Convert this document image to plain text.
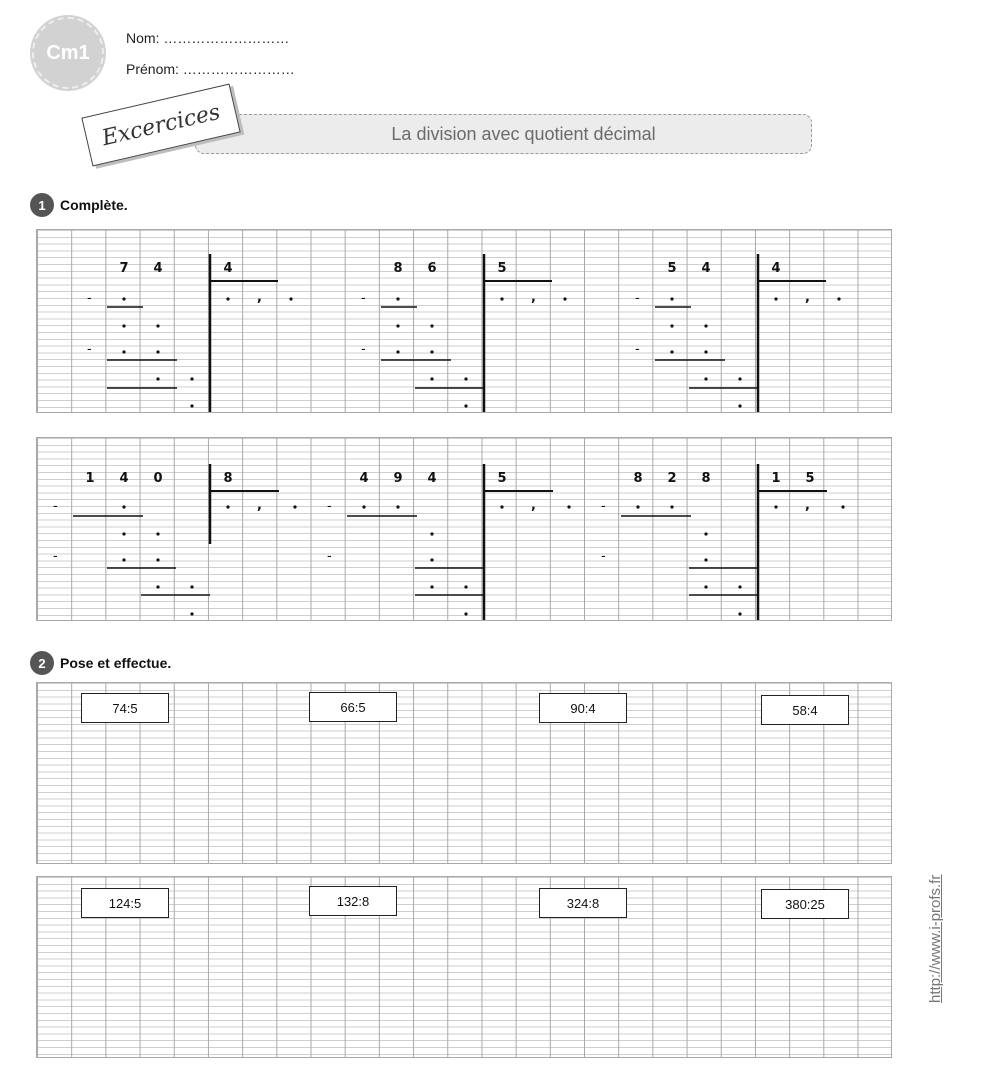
Cm1
Nom: ………………………
Prénom: ……………………
La division avec quotient décimal
Excercices
1	Complète.
7 4	4
-
-
,
8 6	5
-
-
,
5 4	4
-
-
,
1 4 0	8
-
-
,
4 9 4	5
-
-
,
8 2 8	1 5
-
-
,
2	Pose et effectue.
74:5	66:5	90:4	58:4
124:5	132:8	324:8	380:25	http://www.i-profs.fr
